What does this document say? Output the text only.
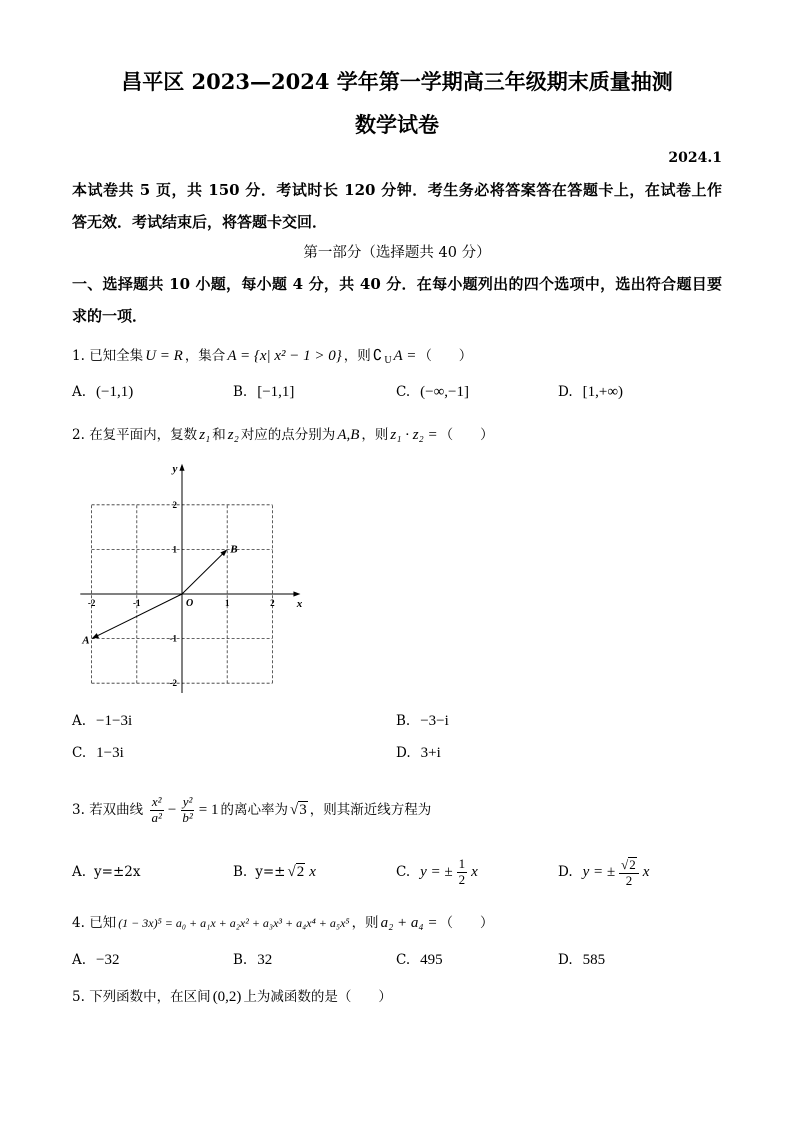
昌平区 2023—2024 学年第一学期高三年级期末质量抽测
数学试卷
2024.1
本试卷共 5 页，共 150 分．考试时长 120 分钟．考生务必将答案答在答题卡上，在试卷上作
答无效．考试结束后，将答题卡交回．
第一部分（选择题共 40 分）
一、选择题共 10 小题，每小题 4 分，共 40 分．在每小题列出的四个选项中，选出符合题目要
求的一项．
1. 已知全集 U = R ，集合 A = {x| x² − 1 > 0} ，则 ∁ $_U$ A = （　　）
A. (−1,1)	B. [−1,1]	C. (−∞,−1]	D. [1,+∞)
2. 在复平面内，复数 z₁ 和 z₂ 对应的点分别为 A,B ，则 z₁ · z₂ = （　　）
-2	-1	1	2
2
1
-1
-2
O	x
y
A
B
A. −1−3i	B. −3−i
C. 1−3i	D. 3+i
3. 若双曲线 $\frac{\text{x²}}{\text{a²}} - \frac{\text{y²}}{\text{b²}} = 1$ 的离心率为 √3 ，则其渐近线方程为
A. y=±2x	B. y=± √2 x	C. y = ± $\frac{1}{2}$ x	D. y = ± $\frac{√2}{2}$ x
4. 已知 (1 − 3x)⁵ = a₀ + a₁x + a₂x² + a₃x³ + a₄x⁴ + a₅x⁵ ，则 a₂ + a₄ = （　　）
A. −32	B. 32	C. 495	D. 585
5. 下列函数中，在区间 (0,2) 上为减函数的是（　　）
